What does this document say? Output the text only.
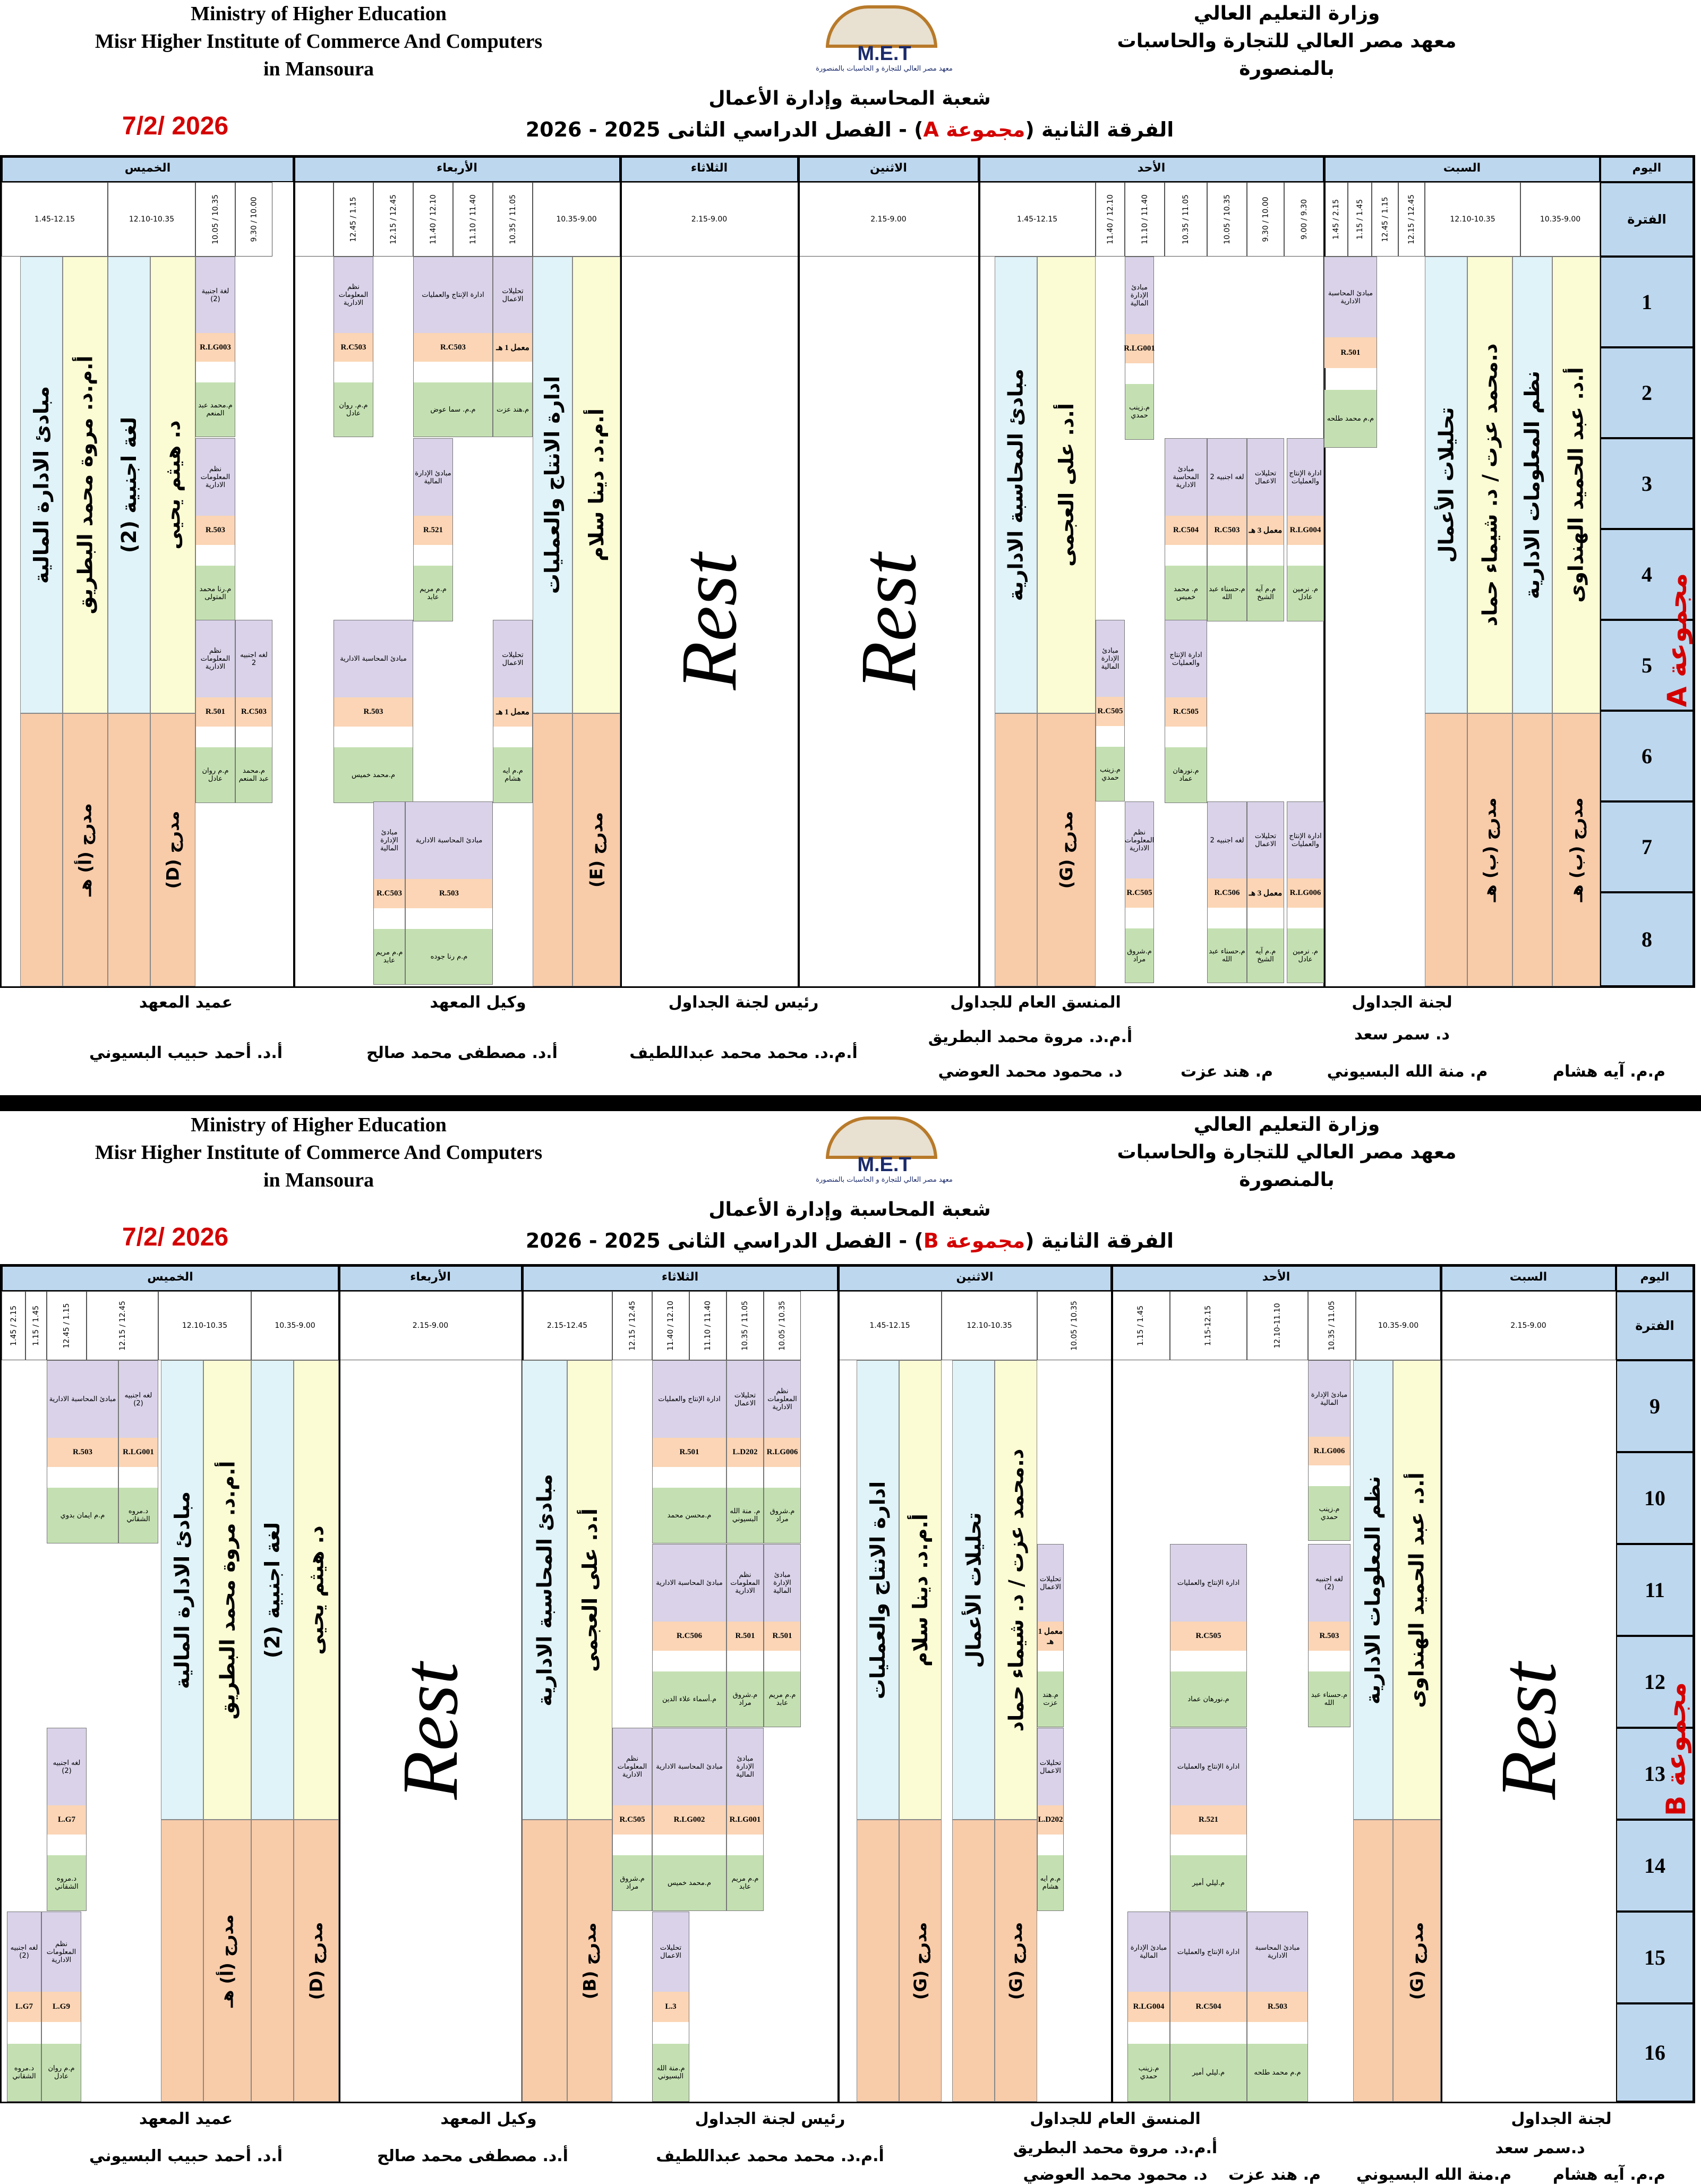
Ministry of Higher Education
Misr Higher Institute of Commerce And Computers
in Mansoura
وزارة التعليم العالي
معهد مصر العالي للتجارة والحاسبات
بالمنصورة
M.E.T
معهد مصر العالي للتجارة و الحاسبات بالمنصورة
شعبة المحاسبة وإدارة الأعمال
الفرقة الثانية (مجموعة A) - الفصل الدراسي الثانى 2025 - 2026
7/2/ 2026
اليوم
السبت
الأحد
الاثنين
الثلاثاء
الأربعاء
الخميس
الفترة
10.35-9.00
12.10-10.35
12.15 / 12.45
12.45 / 1.15
1.15 / 1.45
1.45 / 2.15
9.00 / 9.30
9.30 / 10.00
10.05 / 10.35
10.35 / 11.05
11.10 / 11.40
11.40 / 12.10
1.45-12.15
2.15-9.00
2.15-9.00
10.35-9.00
10.35 / 11.05
11.10 / 11.40
11.40 / 12.10
12.15 / 12.45
12.45 / 1.15
9.30 / 10.00
10.05 / 10.35
12.10-10.35
1.45-12.15
1
2
3
4
5
6
7
8
أ.د. عبد الحميد الهنداوى
نظم المعلومات الادارية
مدرج (ب) هـ
د.محمد عزت / د. شيماء حماد
تحليلات الأعمال
مدرج (ب) هـ
أ.د. على العجمى
مبادئ المحاسبة الادارية
مدرج (G)
Rest
Rest
أ.م.د. دينا سلام
ادارة الانتاج والعمليات
مدرج (E)
د. هيثم يحيى
لغة اجنبية (2)
مدرج (D)
أ.م.د. مروة محمد البطريق
مبادئ الادارة المالية
مدرج (أ) هـ
مبادئ المحاسبة الادارية
R.501
م.م محمد طلحه
ادارة الإنتاج والعمليات
R.LG004
م. نرمين عادل
ادارة الإنتاج والعمليات
R.LG006
م. نرمين عادل
تحليلات الاعمال
معمل 3 هـ
م.م آيه الشيخ
لغه اجنبيه 2
R.C503
م.حسناء عبد الله
مبادئ المحاسبة الادارية
R.C504
م. محمد خميس
ادارة الإنتاج والعمليات
R.C505
م.نورهان عماد
مبادئ الإدارة المالية
R.LG001
م.زينب حمدي
مبادئ الإدارة المالية
R.C505
م.زينب حمدي
تحليلات الاعمال
معمل 3 هـ
م.م آيه الشيخ
لغه اجنبيه 2
R.C506
م.حسناء عبد الله
نظم المعلومات الادارية
R.C505
م.شروق مراد
تحليلات الاعمال
معمل 1 هـ
م.هند عزت
ادارة الإنتاج والعمليات
R.C503
م.م. سما عوض
مبادئ الإدارة المالية
R.521
م.م مريم عابد
تحليلات الاعمال
معمل 1 هـ
م.م ايه هشام
نظم المعلومات الادارية
R.C503
م.م. روان عادل
مبادئ المحاسبة الادارية
R.503
م.محمد خميس
مبادئ الإدارة المالية
R.C503
م.م مريم عابد
مبادئ المحاسبة الادارية
R.503
م.م رنا جوده
لغة اجنبية (2)
R.LG003
م.محمد عبد المنعم
نظم المعلومات الادارية
R.503
م.رنا محمد المتولى
نظم المعلومات الادارية
R.501
م.م روان عادل
لغه اجنبيه 2
R.C503
م.محمد عبد المنعم
مجموعة A
لجنة الجداول
د. سمر سعد
م.م. آيه هشام
م. منة الله البسيوني
م. هند عزت
المنسق العام للجداول
أ.م.د. مروة محمد البطريق
د. محمود محمد العوضي
رئيس لجنة الجداول
أ.م.د. محمد محمد عبداللطيف
وكيل المعهد
أ.د. مصطفى محمد صالح
عميد المعهد
أ.د. أحمد حبيب البسيوني
Ministry of Higher Education
Misr Higher Institute of Commerce And Computers
in Mansoura
وزارة التعليم العالي
معهد مصر العالي للتجارة والحاسبات
بالمنصورة
M.E.T
معهد مصر العالي للتجارة و الحاسبات بالمنصورة
شعبة المحاسبة وإدارة الأعمال
الفرقة الثانية (مجموعة B) - الفصل الدراسي الثانى 2025 - 2026
7/2/ 2026
اليوم
السبت
الأحد
الاثنين
الثلاثاء
الأربعاء
الخميس
الفترة
2.15-9.00
10.35-9.00
10.35 / 11.05
12.10-11.10
1.15-12.15
1.15 / 1.45
10.05 / 10.35
12.10-10.35
1.45-12.15
10.05 / 10.35
10.35 / 11.05
11.10 / 11.40
11.40 / 12.10
12.15 / 12.45
2.15-12.45
2.15-9.00
10.35-9.00
12.10-10.35
12.15 / 12.45
12.45 / 1.15
1.15 / 1.45
1.45 / 2.15
9
10
11
12
13
14
15
16
Rest
أ.د. عبد الحميد الهنداوى
نظم المعلومات الادارية
مدرج (G)
د.محمد عزت / د. شيماء حماد
تحليلات الأعمال
مدرج (G)
أ.م.د. دينا سلام
ادارة الانتاج والعمليات
مدرج (G)
أ.د. على العجمى
مبادئ المحاسبة الادارية
مدرج (B)
Rest
د. هيثم يحيى
لغة اجنبية (2)
مدرج (D)
أ.م.د. مروة محمد البطريق
مبادئ الادارة المالية
مدرج (أ) هـ
مبادئ الإدارة المالية
R.LG006
م.زينب حمدي
لغه اجنبيه (2)
R.503
م.حسناء عبد الله
ادارة الإنتاج والعمليات
R.C505
م.نورهان عماد
ادارة الإنتاج والعمليات
R.521
م.ليلي أمير
مبادئ المحاسبة الادارية
R.503
م.م محمد طلحه
ادارة الإنتاج والعمليات
R.C504
م.ليلي أمير
مبادئ الإدارة المالية
R.LG004
م.زينب حمدي
تحليلات الاعمال
معمل 1 هـ
م.هند عزت
تحليلات الاعمال
L.D202
م.م ايه هشام
نظم المعلومات الادارية
R.LG006
م.شروق مراد
تحليلات الاعمال
L.D202
م. منة الله البسيوني
ادارة الإنتاج والعمليات
R.501
م.محسن محمد
مبادئ الإدارة المالية
R.501
م.م مريم عابد
نظم المعلومات الادارية
R.501
م.شروق مراد
مبادئ المحاسبة الادارية
R.C506
م.أسماء علاء الدين
مبادئ الإدارة المالية
R.LG001
م.م مريم عابد
مبادئ المحاسبة الادارية
R.LG002
م.محمد خميس
نظم المعلومات الادارية
R.C505
م.شروق مراد
تحليلات الاعمال
L.3
م.منة الله البسيوني
لغه اجنبيه (2)
R.LG001
د.مروه الشقاني
مبادئ المحاسبة الادارية
R.503
م.م ايمان بدوي
لغه اجنبيه (2)
L.G7
د.مروه الشقاني
نظم المعلومات الادارية
L.G9
م.م روان عادل
لغه اجنبيه (2)
L.G7
د.مروه الشقاني
مجموعة B
لجنة الجداول
د.سمر سعد
م.م. آيه هشام
م.منة الله البسيوني
م. هند عزت
المنسق العام للجداول
أ.م.د. مروة محمد البطريق
د. محمود محمد العوضي
رئيس لجنة الجداول
أ.م.د. محمد محمد عبداللطيف
وكيل المعهد
أ.د. مصطفى محمد صالح
عميد المعهد
أ.د. أحمد حبيب البسيوني
